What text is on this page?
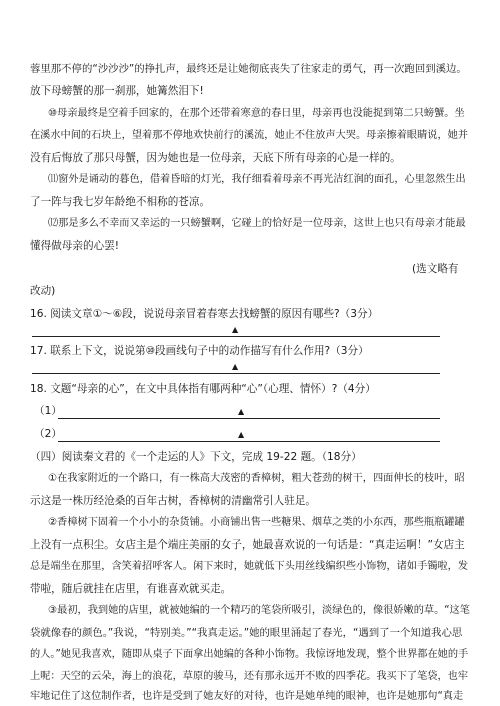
蓉里那不停的“沙沙沙”的挣扎声，最终还是让她彻底丧失了往家走的勇气，再一次跑回到溪边。
放下母螃蟹的那一刹那，她篝然泪下!
⑩母亲最终是空着手回家的，在那个还带着寒意的春日里，母亲再也没能捉到第二只螃蟹。坐
在溪水中间的石块上，望着那不停地欢快前行的溪流，她止不住放声大哭。母亲擦着眼睛说，她并
没有后悔放了那只母蟹，因为她也是一位母亲，天底下所有母亲的心是一样的。
⑾窗外是诵动的暮色，借着昏暗的灯光，我仔细看着母亲不再光洁红润的面孔，心里忽然生出
了一阵与我七岁年龄绝不相称的苍凉。
⑿那是多么不幸而又幸运的一只螃蟹啊，它碰上的恰好是一位母亲，这世上也只有母亲才能最
懂得做母亲的心罢!
(选文略有
改动)
16. 阅读文章①～⑥段，说说母亲冒着春寒去找螃蟹的原因有哪些?（3分）
▲
17. 联系上下文，说说第⑩段画线句子中的动作描写有什么作用?（3分）
▲
18. 文题“母亲的心”，在文中具体指有哪两种“心”（心理、情怀）?（4分）
（1）	▲
（2）	▲
（四）阅读秦文君的《一个走运的人》下文，完成 19-22 题。（18分）
①在我家附近的一个路口，有一株高大茂密的香樟树，粗大苍劲的树干，四面伸长的枝叶，昭
示这是一株历经沧桑的百年古树，香樟树的清幽常引人驻足。
②香樟树下固着一个小小的杂货铺。小商铺出售一些糖果、烟草之类的小东西，那些瓶瓶罐罐
上没有一点积尘。女店主是个端庄美丽的女子，她最喜欢说的一句话是：“真走运啊！”女店主
总是端坐在那里，含笑着招呼客人。闲下来时，她就低下头用丝线编织些小饰物，诸如手镯啦，发
带啦，随后就挂在店里，有谁喜欢就买走。
③最初，我到她的店里，就被她编的一个精巧的笔袋所吸引，淡绿色的，像很娇嫩的草。“这笔
袋就像春的颜色。”我说，“特别美。”“我真走运。”她的眼里涌起了春光，“遇到了一个知道我心思
的人。”她见我喜欢，随即从桌子下面拿出她编的各种小饰物。我惊讶地发现，整个世界都在她的手
上呢：天空的云朵，海上的浪花，草原的骏马，还有那永远开不败的四季花。我买下了笔袋，也牢
牢地记住了这位制作者，也许是受到了她友好的对待，也许是她单纯的眼神，也许是她那句“真走
